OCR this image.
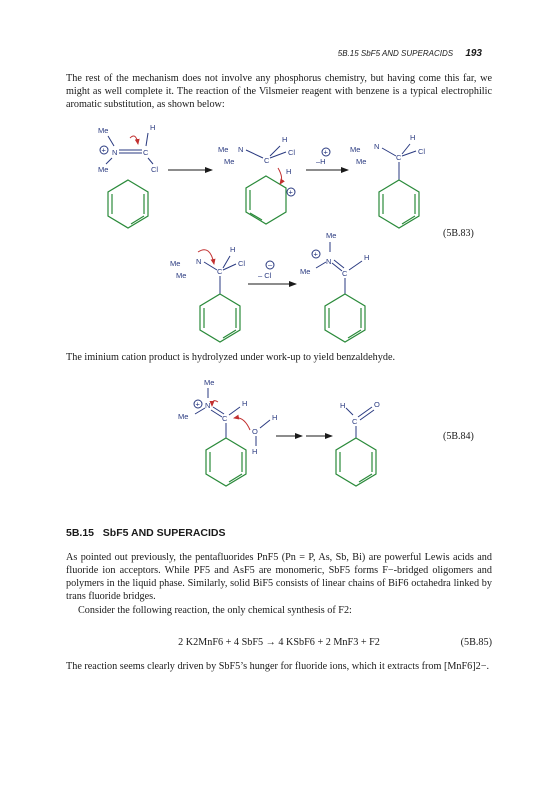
5B.15 SbF5 AND SUPERACIDS 193

The rest of the mechanism does not involve any phosphorus chemistry, but having come this far, we might as well complete it. The reaction of the Vilsmeier reagent with benzene is a typical electrophilic aromatic substitution, as shown below:

Me	H
+ N	C
Me	Cl
Me N
Me
H
Cl
C
H
+
+
–H
Me N
Me
H
Cl
C
(5B.83)
Me N
Me
H
Cl
C
–
– Cl
Me
+
N
Me	C
H

The iminium cation product is hydrolyzed under work-up to yield benzaldehyde.

Me
+ N
Me	C
H
O
H
H
H
C
O
(5B.84)
5B.15 SbF5 AND SUPERACIDS

As pointed out previously, the pentafluorides PnF5 (Pn = P, As, Sb, Bi) are powerful Lewis acids and fluoride ion acceptors. While PF5 and AsF5 are monomeric, SbF5 forms F−-bridged oligomers and polymers in the liquid phase. Similarly, solid BiF5 consists of linear chains of BiF6 octahedra linked by trans fluoride bridges.

Consider the following reaction, the only chemical synthesis of F2:

2 K2MnF6 + 4 SbF5 → 4 KSbF6 + 2 MnF3 + F2	(5B.85)

The reaction seems clearly driven by SbF5’s hunger for fluoride ions, which it extracts from [MnF6]2−.
